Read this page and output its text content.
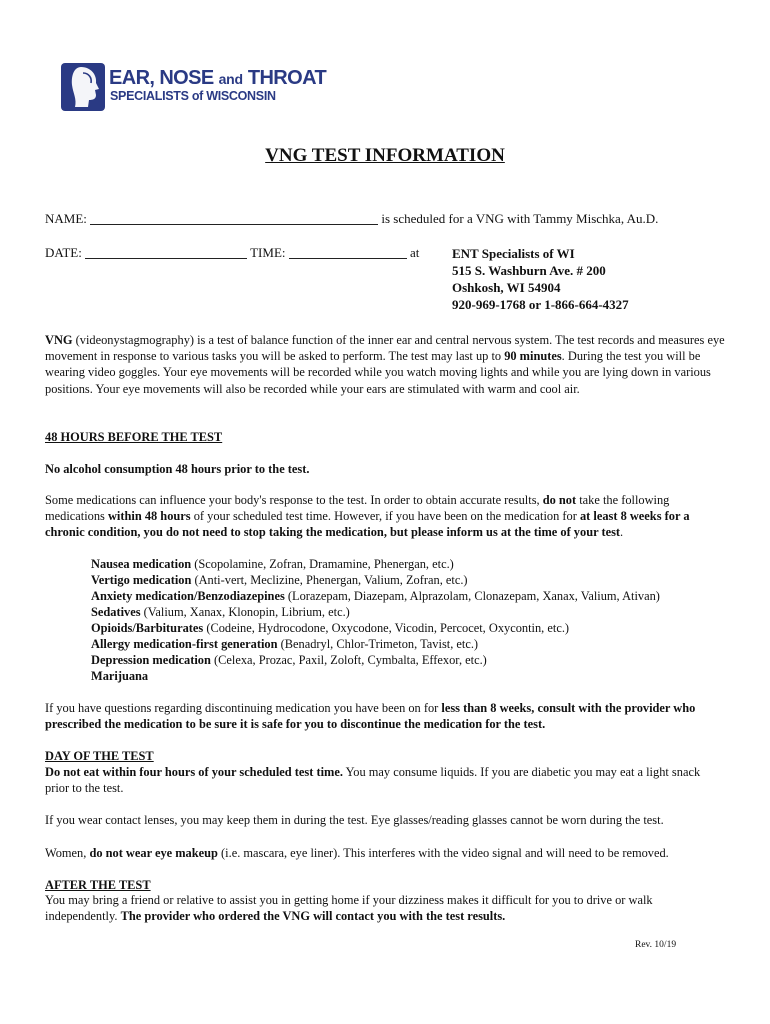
EAR, NOSE and THROAT
SPECIALISTS of WISCONSIN
VNG TEST INFORMATION
NAME:	is scheduled for a VNG with Tammy Mischka, Au.D.
DATE:	TIME:	at	ENT Specialists of WI
515 S. Washburn Ave. # 200
Oshkosh, WI 54904
920-969-1768 or 1-866-664-4327
VNG (videonystagmography) is a test of balance function of the inner ear and central nervous system. The test records and measures eye movement in response to various tasks you will be asked to perform. The test may last up to 90 minutes. During the test you will be wearing video goggles. Your eye movements will be recorded while you watch moving lights and while you are lying down in various positions. Your eye movements will also be recorded while your ears are stimulated with warm and cool air.
48 HOURS BEFORE THE TEST
No alcohol consumption 48 hours prior to the test.
Some medications can influence your body's response to the test. In order to obtain accurate results, do not take the following medications within 48 hours of your scheduled test time. However, if you have been on the medication for at least 8 weeks for a chronic condition, you do not need to stop taking the medication, but please inform us at the time of your test.
Nausea medication (Scopolamine, Zofran, Dramamine, Phenergan, etc.)
Vertigo medication (Anti-vert, Meclizine, Phenergan, Valium, Zofran, etc.)
Anxiety medication/Benzodiazepines (Lorazepam, Diazepam, Alprazolam, Clonazepam, Xanax, Valium, Ativan)
Sedatives (Valium, Xanax, Klonopin, Librium, etc.)
Opioids/Barbiturates (Codeine, Hydrocodone, Oxycodone, Vicodin, Percocet, Oxycontin, etc.)
Allergy medication-first generation (Benadryl, Chlor-Trimeton, Tavist, etc.)
Depression medication (Celexa, Prozac, Paxil, Zoloft, Cymbalta, Effexor, etc.)
Marijuana
If you have questions regarding discontinuing medication you have been on for less than 8 weeks, consult with the provider who prescribed the medication to be sure it is safe for you to discontinue the medication for the test.
DAY OF THE TEST
Do not eat within four hours of your scheduled test time. You may consume liquids. If you are diabetic you may eat a light snack prior to the test.
If you wear contact lenses, you may keep them in during the test. Eye glasses/reading glasses cannot be worn during the test.
Women, do not wear eye makeup (i.e. mascara, eye liner). This interferes with the video signal and will need to be removed.
AFTER THE TEST
You may bring a friend or relative to assist you in getting home if your dizziness makes it difficult for you to drive or walk independently. The provider who ordered the VNG will contact you with the test results.
Rev. 10/19
